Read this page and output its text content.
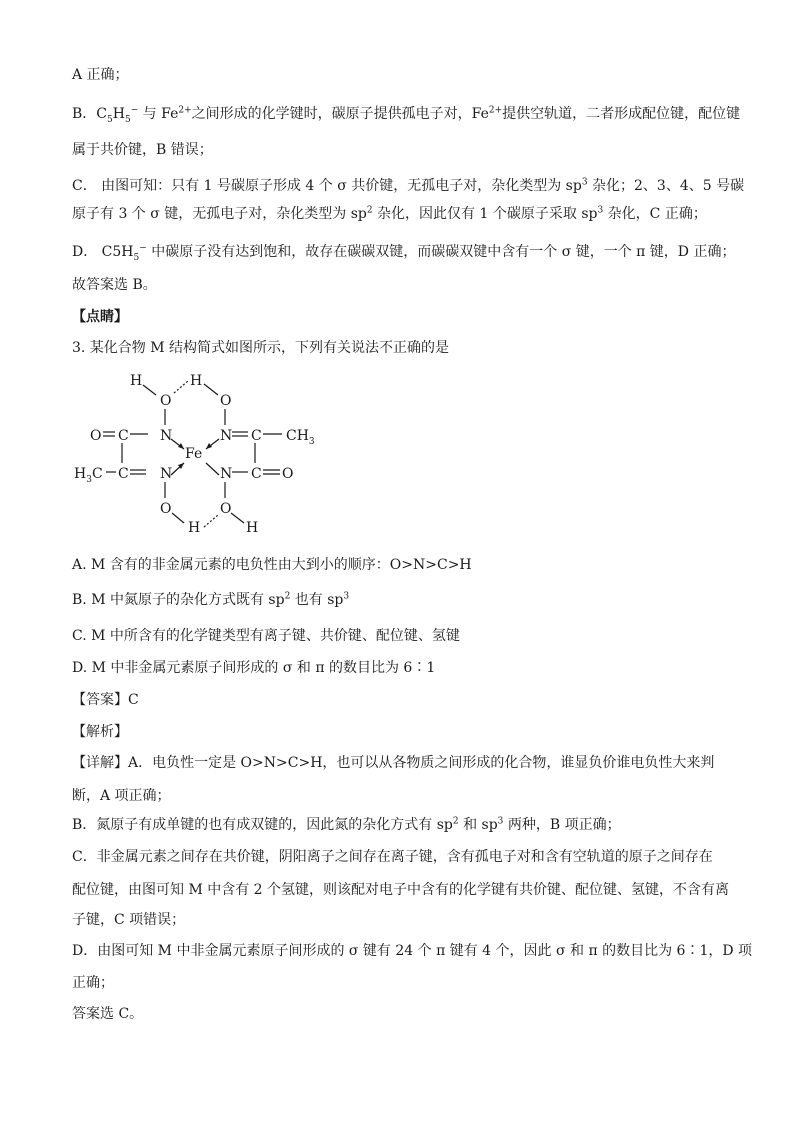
A 正确；
B．$C_5H_5^-$ 与 $Fe^{2+}$之间形成的化学键时，碳原子提供孤电子对，$Fe^{2+}$提供空轨道，二者形成配位键，配位键
属于共价键，B 错误；
C． 由图可知：只有 1 号碳原子形成 4 个 σ 共价键，无孤电子对，杂化类型为 $sp^3$ 杂化；2、3、4、5 号碳
原子有 3 个 σ 键，无孤电子对，杂化类型为 $sp^2$ 杂化，因此仅有 1 个碳原子采取 $sp^3$ 杂化，C 正确；
D． $C5H_5^-$ 中碳原子没有达到饱和，故存在碳碳双键，而碳碳双键中含有一个 σ 键，一个 π 键，D 正确；
故答案选 B。
【点睛】
3. 某化合物 M 结构简式如图所示，下列有关说法不正确的是
H	H
O	O
O C N	N C $CH_3$
Fe
$H_3C$ C N	N C O
O	O
H	H
A. M 含有的非金属元素的电负性由大到小的顺序：O>N>C>H
B. M 中氮原子的杂化方式既有 $sp^2$ 也有 $sp^3$
C. M 中所含有的化学键类型有离子键、共价键、配位键、氢键
D. M 中非金属元素原子间形成的 σ 和 π 的数目比为 6∶1
【答案】C
【解析】
【详解】A．电负性一定是 O>N>C>H，也可以从各物质之间形成的化合物，谁显负价谁电负性大来判
断，A 项正确；
B．氮原子有成单键的也有成双键的，因此氮的杂化方式有 $sp^2$ 和 $sp^3$ 两种，B 项正确；
C．非金属元素之间存在共价键，阴阳离子之间存在离子键，含有孤电子对和含有空轨道的原子之间存在
配位键，由图可知 M 中含有 2 个氢键，则该配对电子中含有的化学键有共价键、配位键、氢键，不含有离
子键，C 项错误；
D．由图可知 M 中非金属元素原子间形成的 σ 键有 24 个 π 键有 4 个，因此 σ 和 π 的数目比为 6∶1，D 项
正确；
答案选 C。
